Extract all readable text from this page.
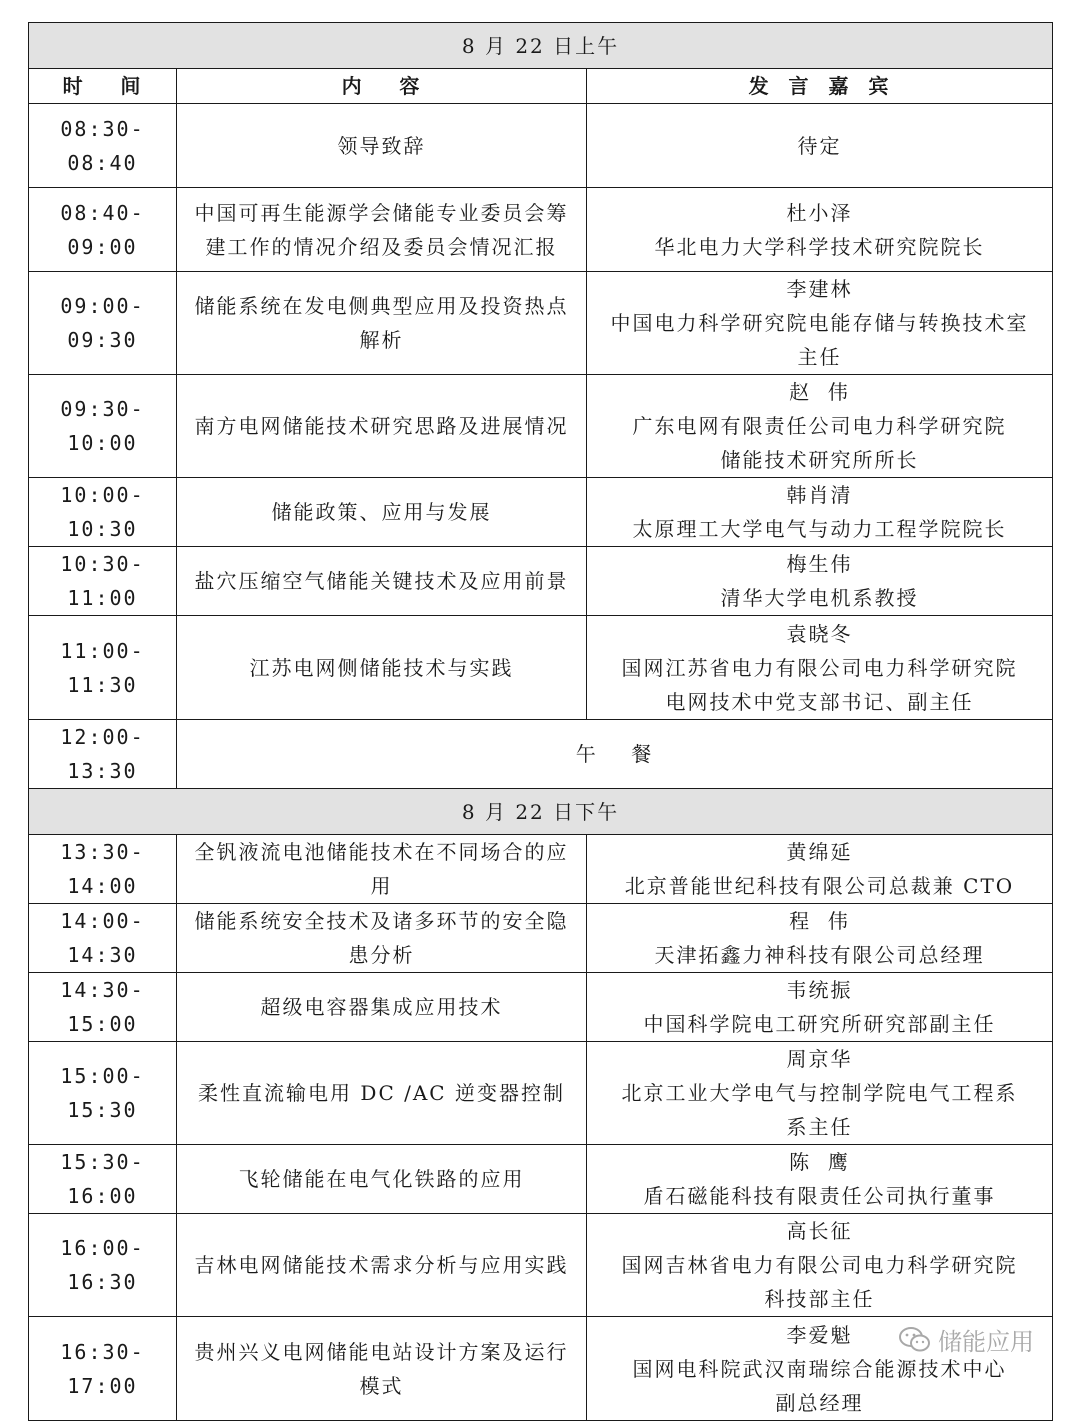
8 月 22 日上午		
时    间	内    容	发  言  嘉  宾
08:30-08:40	领导致辞	待定

08:40-09:00	中国可再生能源学会储能专业委员会筹
建工作的情况介绍及委员会情况汇报	杜小泽
华北电力大学科学技术研究院院长

09:00-09:30	储能系统在发电侧典型应用及投资热点
解析	李建林
中国电力科学研究院电能存储与转换技术室
主任

09:30-10:00	南方电网储能技术研究思路及进展情况	赵  伟
广东电网有限责任公司电力科学研究院
储能技术研究所所长

10:00-10:30	储能政策、应用与发展	韩肖清
太原理工大学电气与动力工程学院院长

10:30-11:00	盐穴压缩空气储能关键技术及应用前景	梅生伟
清华大学电机系教授

11:00-11:30	江苏电网侧储能技术与实践	袁晓冬
国网江苏省电力有限公司电力科学研究院
电网技术中党支部书记、副主任

12:00-13:30	午    餐	
8 月 22 日下午		
13:30-14:00	全钒液流电池储能技术在不同场合的应
用	黄绵延
北京普能世纪科技有限公司总裁兼 CTO

14:00-14:30	储能系统安全技术及诸多环节的安全隐
患分析	程  伟
天津拓鑫力神科技有限公司总经理

14:30-15:00	超级电容器集成应用技术	韦统振
中国科学院电工研究所研究部副主任

15:00-15:30	柔性直流输电用 DC /AC 逆变器控制	周京华
北京工业大学电气与控制学院电气工程系
系主任

15:30-16:00	飞轮储能在电气化铁路的应用	陈  鹰
盾石磁能科技有限责任公司执行董事

16:00-16:30	吉林电网储能技术需求分析与应用实践	高长征
国网吉林省电力有限公司电力科学研究院
科技部主任

16:30-17:00	贵州兴义电网储能电站设计方案及运行
模式	李爱魁
国网电科院武汉南瑞综合能源技术中心
副总经理
储能应用
